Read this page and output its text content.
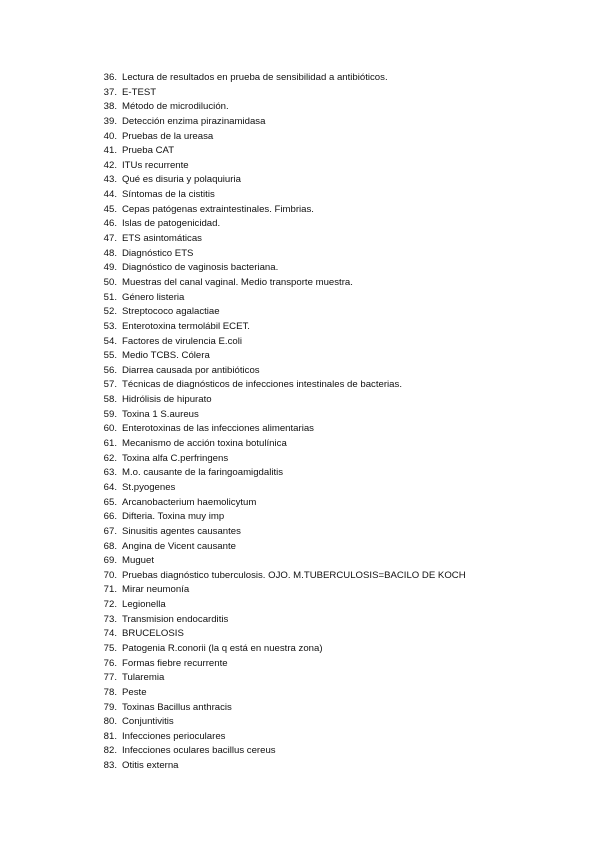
36. Lectura de resultados en prueba de sensibilidad a antibióticos.
37. E-TEST
38. Método de microdilución.
39. Detección enzima pirazinamidasa
40. Pruebas de la ureasa
41. Prueba CAT
42. ITUs recurrente
43. Qué es disuria y polaquiuria
44. Síntomas de la cistitis
45. Cepas patógenas extraintestinales. Fimbrias.
46. Islas de patogenicidad.
47. ETS asintomáticas
48. Diagnóstico ETS
49. Diagnóstico de vaginosis bacteriana.
50. Muestras del canal vaginal. Medio transporte muestra.
51. Género listeria
52. Streptococo agalactiae
53. Enterotoxina termolábil ECET.
54. Factores de virulencia E.coli
55. Medio TCBS. Cólera
56. Diarrea causada por antibióticos
57. Técnicas de diagnósticos de infecciones intestinales de bacterias.
58. Hidrólisis de hipurato
59. Toxina 1 S.aureus
60. Enterotoxinas de las infecciones alimentarias
61. Mecanismo de acción toxina botulínica
62. Toxina alfa C.perfringens
63. M.o. causante de la faringoamigdalitis
64. St.pyogenes
65. Arcanobacterium haemolicytum
66. Difteria. Toxina muy imp
67. Sinusitis agentes causantes
68. Angina de Vicent causante
69. Muguet
70. Pruebas diagnóstico tuberculosis. OJO. M.TUBERCULOSIS=BACILO DE KOCH
71. Mirar neumonía
72. Legionella
73. Transmision endocarditis
74. BRUCELOSIS
75. Patogenia R.conorii (la q está en nuestra zona)
76. Formas fiebre recurrente
77. Tularemia
78. Peste
79. Toxinas Bacillus anthracis
80. Conjuntivitis
81. Infecciones perioculares
82. Infecciones oculares bacillus cereus
83. Otitis externa
